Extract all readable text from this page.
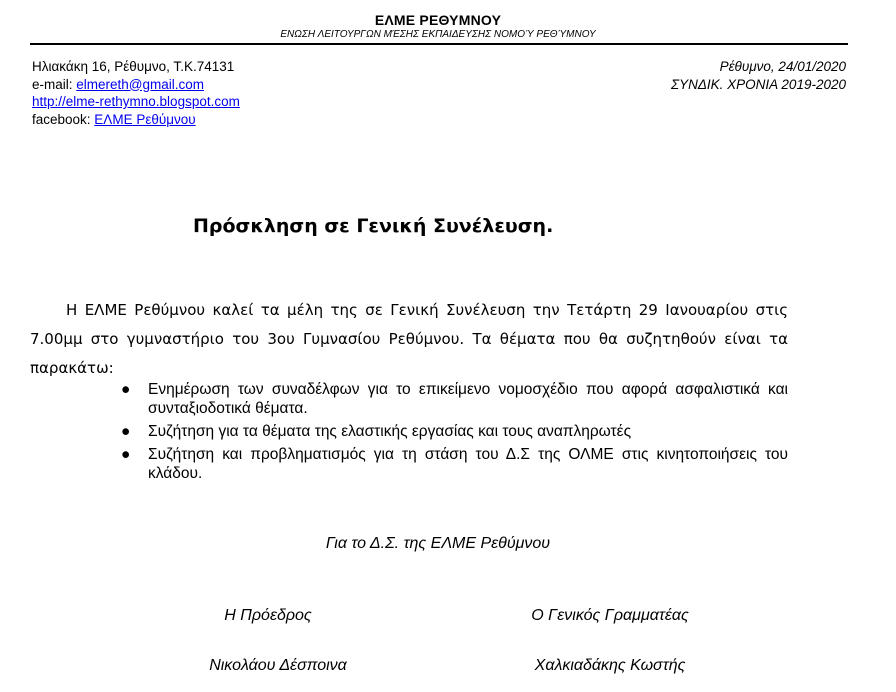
ΕΛΜΕ ΡΕΘΥΜΝΟΥ
ΕΝΩΣΗ ΛΕΙΤΟΥΡΓΩΝ ΜΈΣΗΣ ΕΚΠΑΙΔΕΥΣΗΣ ΝΟΜΟΎ ΡΕΘΎΜΝΟΥ
Ηλιακάκη 16, Ρέθυμνο, Τ.Κ.74131
e-mail: elmereth@gmail.com
http://elme-rethymno.blogspot.com
facebook: ΕΛΜΕ Ρεθύμνου
Ρέθυμνο, 24/01/2020
ΣΥΝΔΙΚ. ΧΡΟΝΙΑ 2019-2020
Πρόσκληση σε Γενική Συνέλευση.

Η ΕΛΜΕ Ρεθύμνου καλεί τα μέλη της σε Γενική Συνέλευση την Τετάρτη 29 Ιανουαρίου στις 7.00μμ στο γυμναστήριο του 3ου Γυμνασίου Ρεθύμνου. Τα θέματα που θα συζητηθούν είναι τα παρακάτω:

● Ενημέρωση των συναδέλφων για το επικείμενο νομοσχέδιο που αφορά ασφαλιστικά και συνταξιοδοτικά θέματα.
● Συζήτηση για τα θέματα της ελαστικής εργασίας και τους αναπληρωτές
● Συζήτηση και προβληματισμός για τη στάση του Δ.Σ της ΟΛΜΕ στις κινητοποιήσεις του κλάδου.
Για το Δ.Σ. της ΕΛΜΕ Ρεθύμνου
Η Πρόεδρος	Ο Γενικός Γραμματέας
Νικολάου Δέσποινα	Χαλκιαδάκης Κωστής
